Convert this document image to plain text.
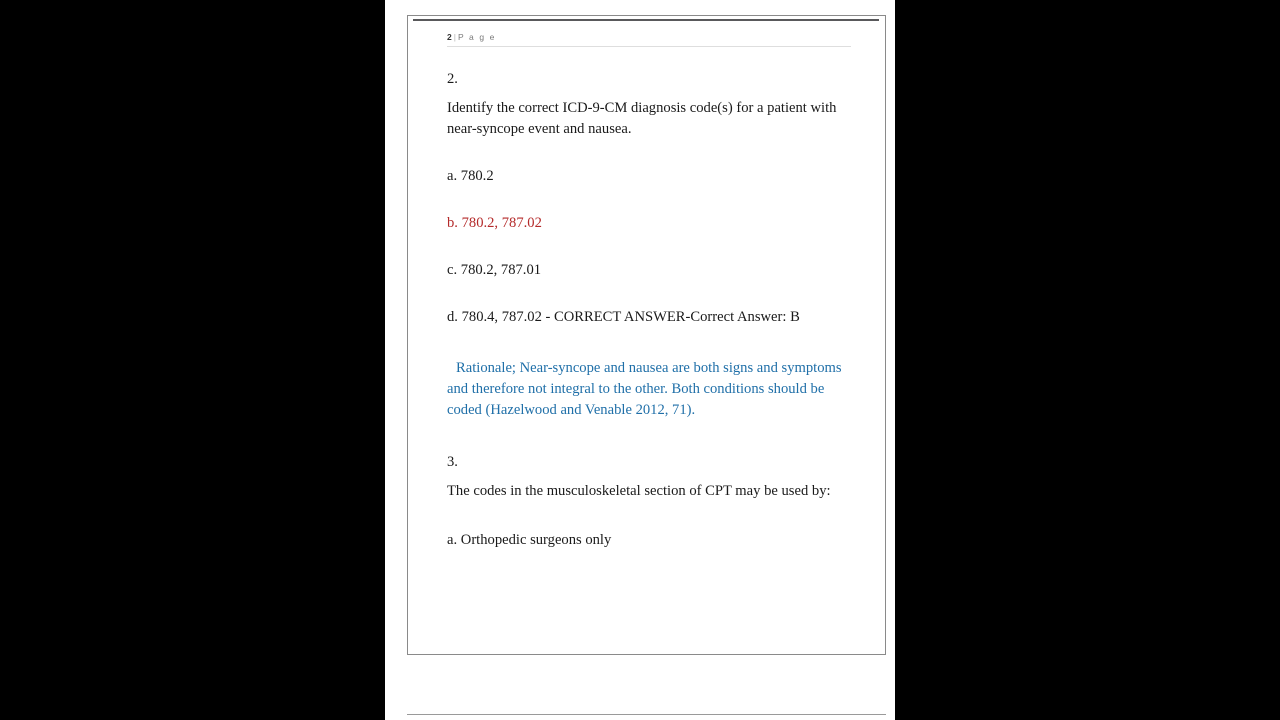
2 | P a g e
2.
Identify the correct ICD-9-CM diagnosis code(s) for a patient with near-syncope event and nausea.
a. 780.2
b. 780.2, 787.02
c. 780.2, 787.01
d. 780.4, 787.02 - CORRECT ANSWER-Correct Answer: B
Rationale; Near-syncope and nausea are both signs and symptoms and therefore not integral to the other. Both conditions should be coded (Hazelwood and Venable 2012, 71).
3.
The codes in the musculoskeletal section of CPT may be used by:
a. Orthopedic surgeons only
